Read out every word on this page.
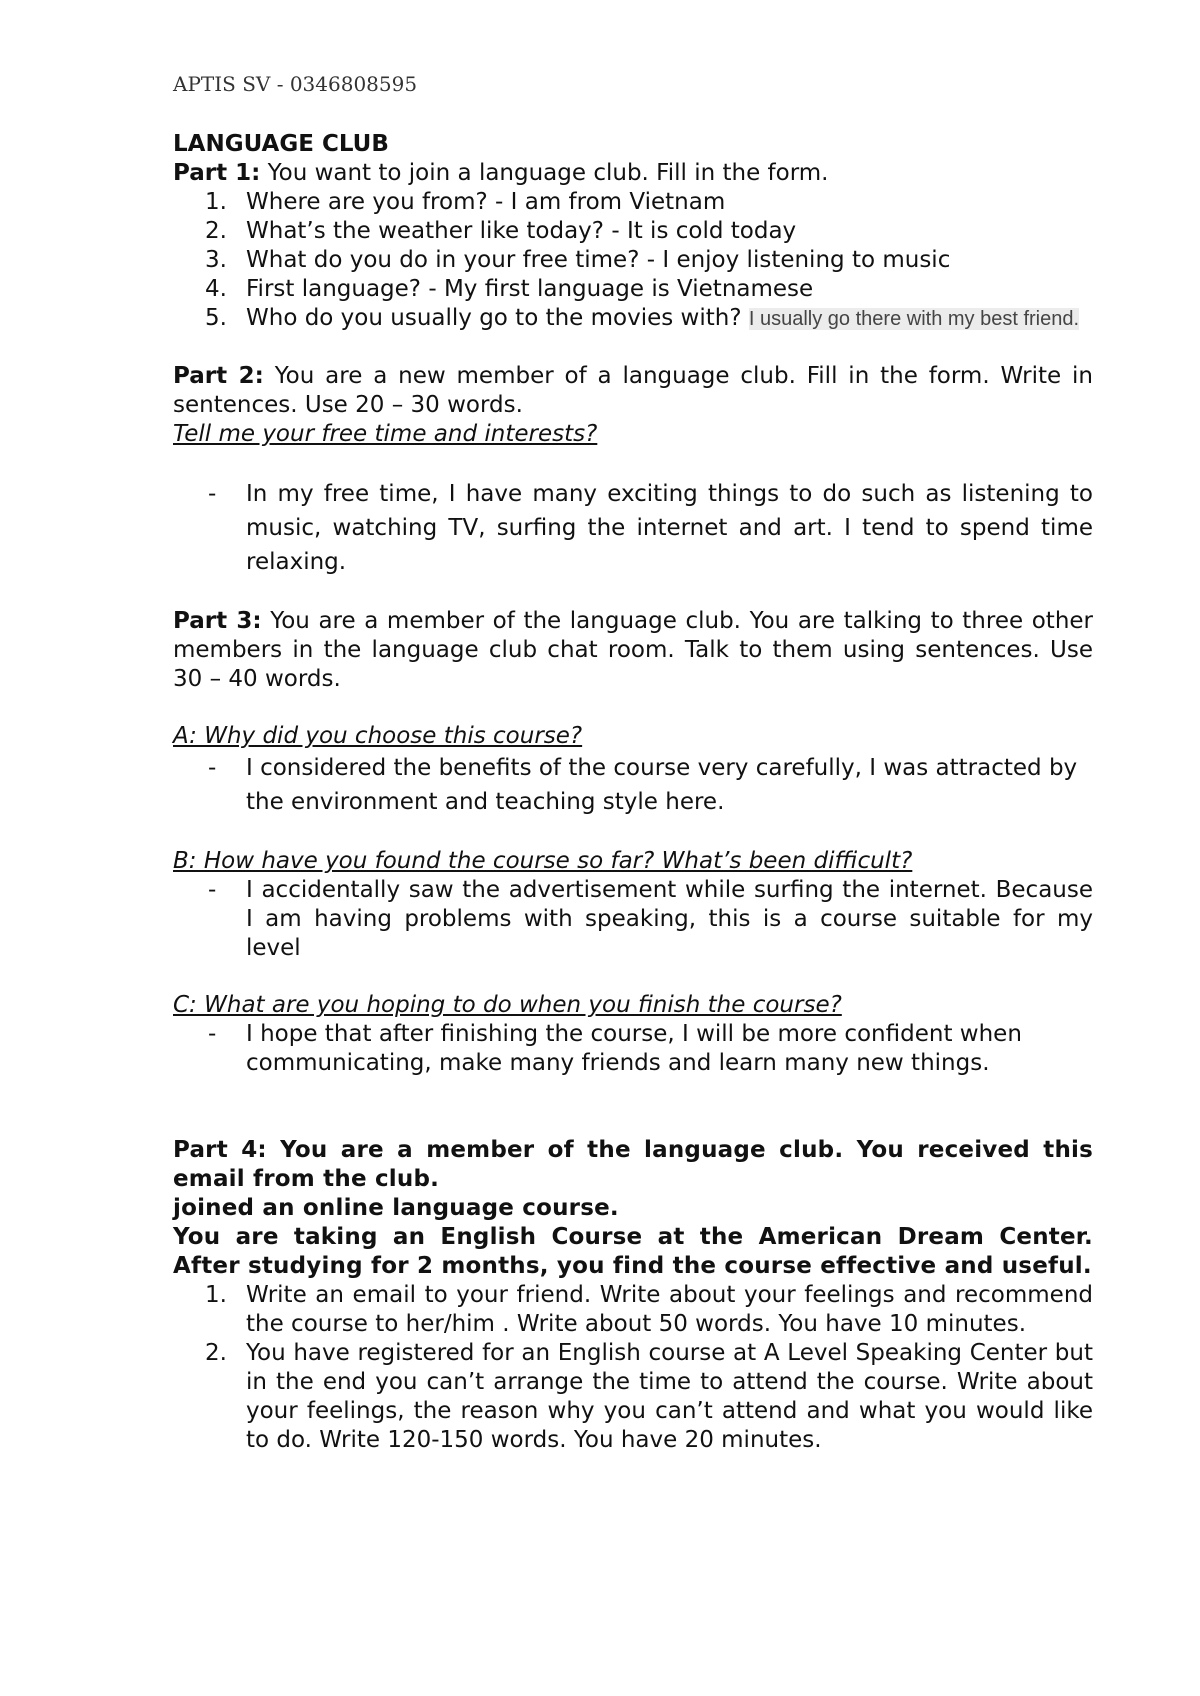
APTIS SV - 0346808595

LANGUAGE CLUB

Part 1: You want to join a language club. Fill in the form.

1. Where are you from? - I am from Vietnam
2. What’s the weather like today? - It is cold today
3. What do you do in your free time? - I enjoy listening to music
4. First language? - My first language is Vietnamese
5. Who do you usually go to the movies with? I usually go there with my best friend.

Part 2: You are a new member of a language club. Fill in the form. Write in sentences. Use 20 – 30 words.

Tell me your free time and interests?

- In my free time, I have many exciting things to do such as listening to music, watching TV, surfing the internet and art. I tend to spend time relaxing.

Part 3: You are a member of the language club. You are talking to three other members in the language club chat room. Talk to them using sentences. Use 30 – 40 words.

A: Why did you choose this course?

- I considered the benefits of the course very carefully, I was attracted by the environment and teaching style here.

B: How have you found the course so far? What’s been difficult?

- I accidentally saw the advertisement while surfing the internet. Because I am having problems with speaking, this is a course suitable for my level

C: What are you hoping to do when you finish the course?

- I hope that after finishing the course, I will be more confident when communicating, make many friends and learn many new things.

Part 4: You are a member of the language club. You received this email from the club.

joined an online language course.

You are taking an English Course at the American Dream Center. After studying for 2 months, you find the course effective and useful.

1. Write an email to your friend. Write about your feelings and recommend the course to her/him . Write about 50 words. You have 10 minutes.
2. You have registered for an English course at A Level Speaking Center but in the end you can’t arrange the time to attend the course. Write about your feelings, the reason why you can’t attend and what you would like to do. Write 120-150 words. You have 20 minutes.
